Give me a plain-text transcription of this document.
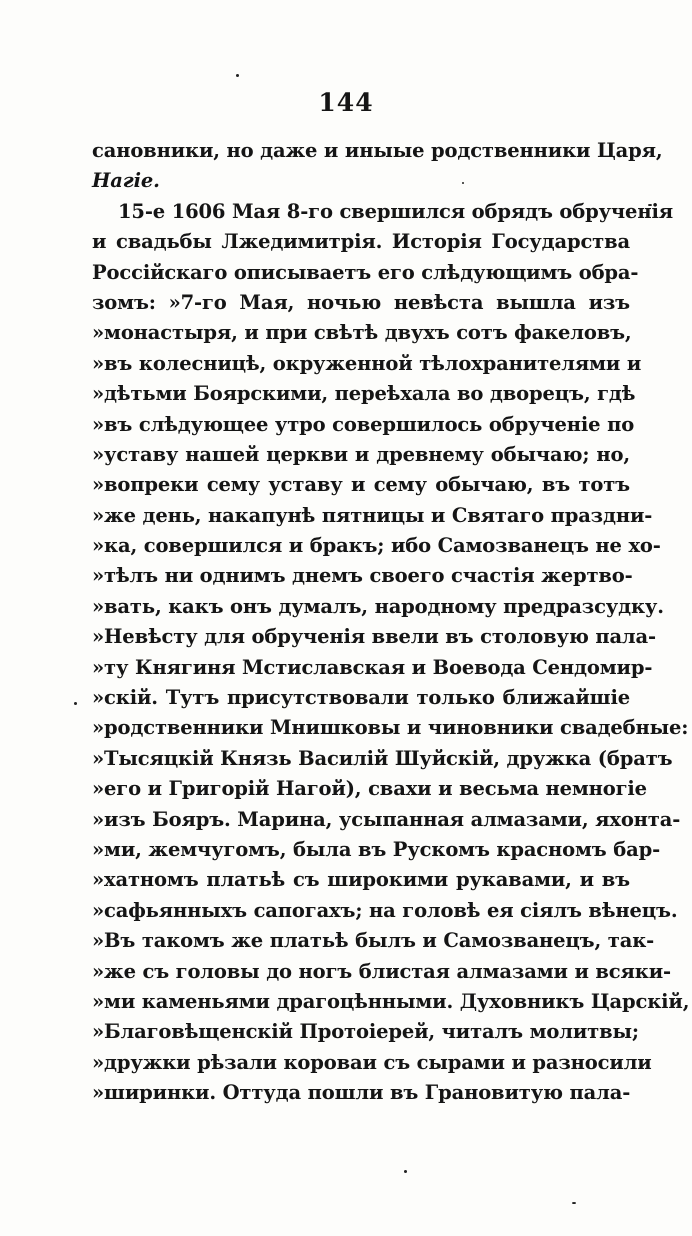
144
сановники, но даже и иныые родственники Царя,
Нагіе.
15-е 1606 Мая 8-го свершился обрядъ обрученія
и свадьбы Лжедимитрія. Исторія Государства
Россійскаго описываетъ его слѣдующимъ обра-
зомъ: »7-го Мая, ночью невѣста вышла изъ
»монастыря, и при свѣтѣ двухъ сотъ факеловъ,
»въ колесницѣ, окруженной тѣлохранителями и
»дѣтьми Боярскими, переѣхала во дворецъ, гдѣ
»въ слѣдующее утро совершилось обрученіе по
»уставу нашей церкви и древнему обычаю; но,
»вопреки сему уставу и сему обычаю, въ тотъ
»же день, накапунѣ пятницы и Святаго праздни-
»ка, совершился и бракъ; ибо Самозванецъ не хо-
»тѣлъ ни однимъ днемъ своего счастія жертво-
»вать, какъ онъ думалъ, народному предразсудку.
»Невѣсту для обрученія ввели въ столовую пала-
»ту Княгиня Мстиславская и Воевода Сендомир-
»скій. Тутъ присутствовали только ближайшіе
»родственники Мнишковы и чиновники свадебные:
»Тысяцкій Князь Василій Шуйскій, дружка (братъ
»его и Григорій Нагой), свахи и весьма немногіе
»изъ Бояръ. Марина, усыпанная алмазами, яхонта-
»ми, жемчугомъ, была въ Рускомъ красномъ бар-
»хатномъ платьѣ съ широкими рукавами, и въ
»сафьянныхъ сапогахъ; на головѣ ея сіялъ вѣнецъ.
»Въ такомъ же платьѣ былъ и Самозванецъ, так-
»же съ головы до ногъ блистая алмазами и всяки-
»ми каменьями драгоцѣнными. Духовникъ Царскій,
»Благовѣщенскій Протоіерей, читалъ молитвы;
»дружки рѣзали короваи съ сырами и разносили
»ширинки. Оттуда пошли въ Грановитую пала-
